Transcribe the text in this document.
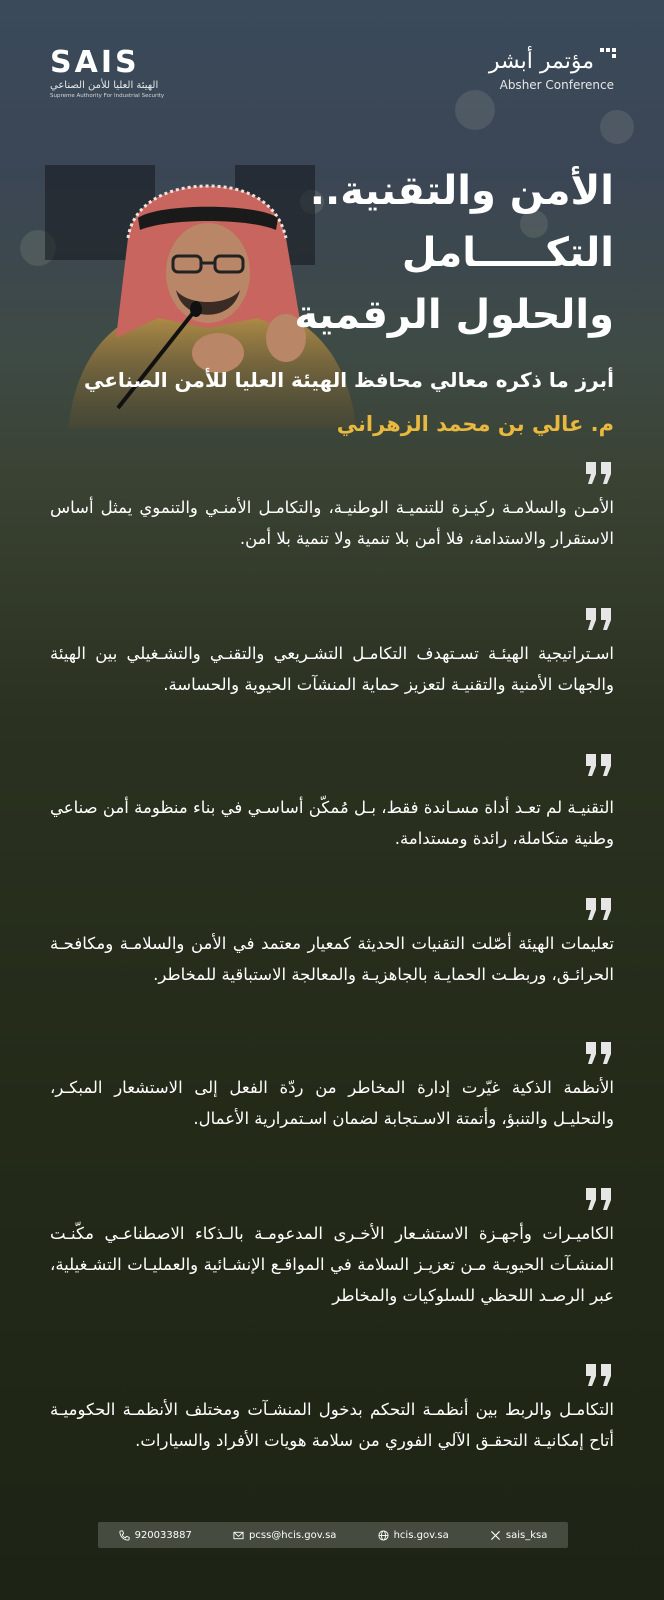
SAIS
الهيئة العليا للأمن الصناعي
Supreme Authority For Industrial Security
مؤتمر أبشر
Absher Conference
الأمن والتقنية..
التكـــــامل
والحلول الرقمية
أبرز ما ذكره معالي محافظ الهيئة العليا للأمن الصناعي
م. عالي بن محمد الزهراني
الأمـن والسلامـة ركيـزة للتنميـة الوطنيـة، والتكامـل الأمنـي والتنموي يمثل أساس الاستقرار والاستدامة، فلا أمن بلا تنمية ولا تنمية بلا أمن.
اسـتراتيجية الهيئـة تسـتهدف التكامـل التشـريعي والتقنـي والتشـغيلي بين الهيئة والجهات الأمنية والتقنيـة لتعزيز حماية المنشآت الحيوية والحساسة.
التقنيـة لم تعـد أداة مسـاندة فقط، بـل مُمكّن أساسـي في بناء منظومة أمن صناعي وطنية متكاملة، رائدة ومستدامة.
تعليمات الهيئة أصّلت التقنيات الحديثة كمعيار معتمد في الأمن والسلامـة ومكافحـة الحرائـق، وربطـت الحمايـة بالجاهزيـة والمعالجة الاستباقية للمخاطر.
الأنظمة الذكية غيّرت إدارة المخاطر من ردّة الفعل إلى الاستشعار المبكـر، والتحليـل والتنبؤ، وأتمتة الاسـتجابة لضمان اسـتمرارية الأعمال.
الكاميـرات وأجهـزة الاستشـعار الأخـرى المدعومـة بالـذكاء الاصطناعـي مكّنـت المنشـآت الحيويـة مـن تعزيـز السلامة في المواقـع الإنشـائية والعمليـات التشـغيلية، عبر الرصـد اللحظي للسلوكيات والمخاطر
التكامـل والربط بين أنظمـة التحكم بدخول المنشـآت ومختلف الأنظمـة الحكوميـة أتاح إمكانيـة التحقـق الآلي الفوري من سلامة هويات الأفراد والسيارات.
920033887	pcss@hcis.gov.sa	hcis.gov.sa	sais_ksa
